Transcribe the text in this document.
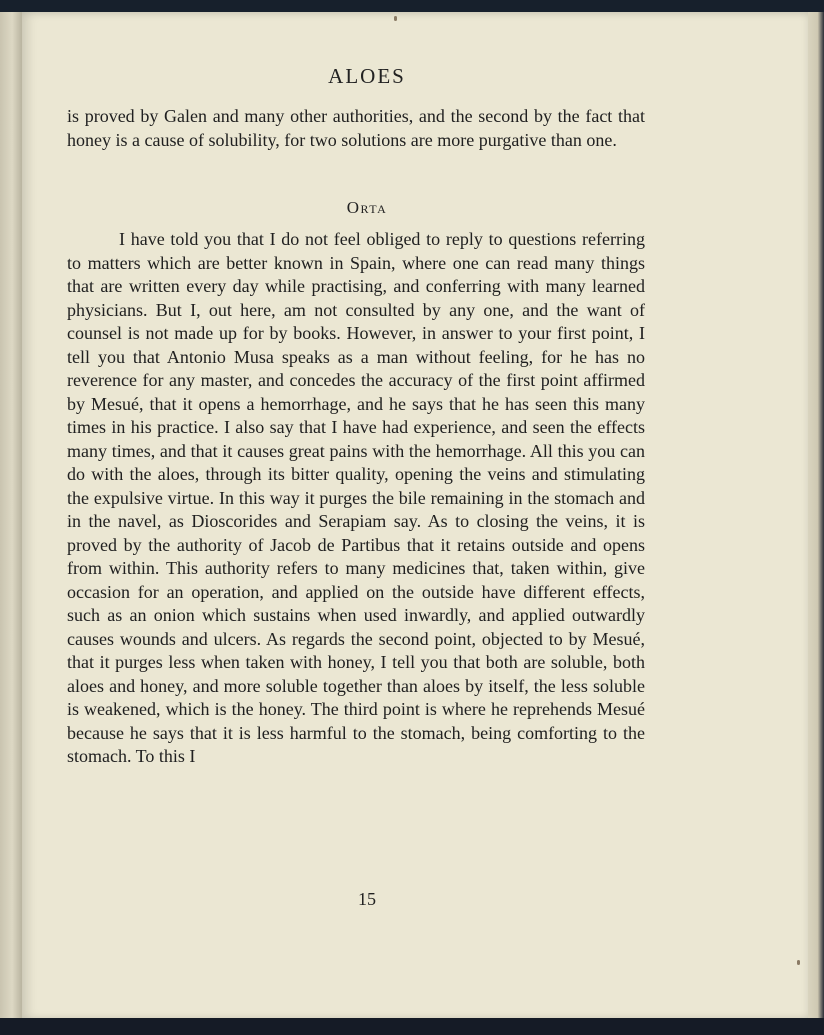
ALOES

is proved by Galen and many other authorities, and the second by the fact that honey is a cause of solubility, for two solutions are more purgative than one.

Orta

I have told you that I do not feel obliged to reply to questions referring to matters which are better known in Spain, where one can read many things that are written every day while practising, and conferring with many learned physicians. But I, out here, am not consulted by any one, and the want of counsel is not made up for by books. However, in answer to your first point, I tell you that Antonio Musa speaks as a man without feeling, for he has no reverence for any master, and concedes the accuracy of the first point affirmed by Mesué, that it opens a hemorrhage, and he says that he has seen this many times in his practice. I also say that I have had experience, and seen the effects many times, and that it causes great pains with the hemorrhage. All this you can do with the aloes, through its bitter quality, opening the veins and stimulating the expulsive virtue. In this way it purges the bile remaining in the stomach and in the navel, as Dioscorides and Serapiam say. As to closing the veins, it is proved by the authority of Jacob de Partibus that it retains outside and opens from within. This authority refers to many medicines that, taken within, give occasion for an operation, and applied on the outside have different effects, such as an onion which sustains when used inwardly, and applied outwardly causes wounds and ulcers. As regards the second point, objected to by Mesué, that it purges less when taken with honey, I tell you that both are soluble, both aloes and honey, and more soluble together than aloes by itself, the less soluble is weakened, which is the honey. The third point is where he reprehends Mesué because he says that it is less harmful to the stomach, being comforting to the stomach. To this I

15
